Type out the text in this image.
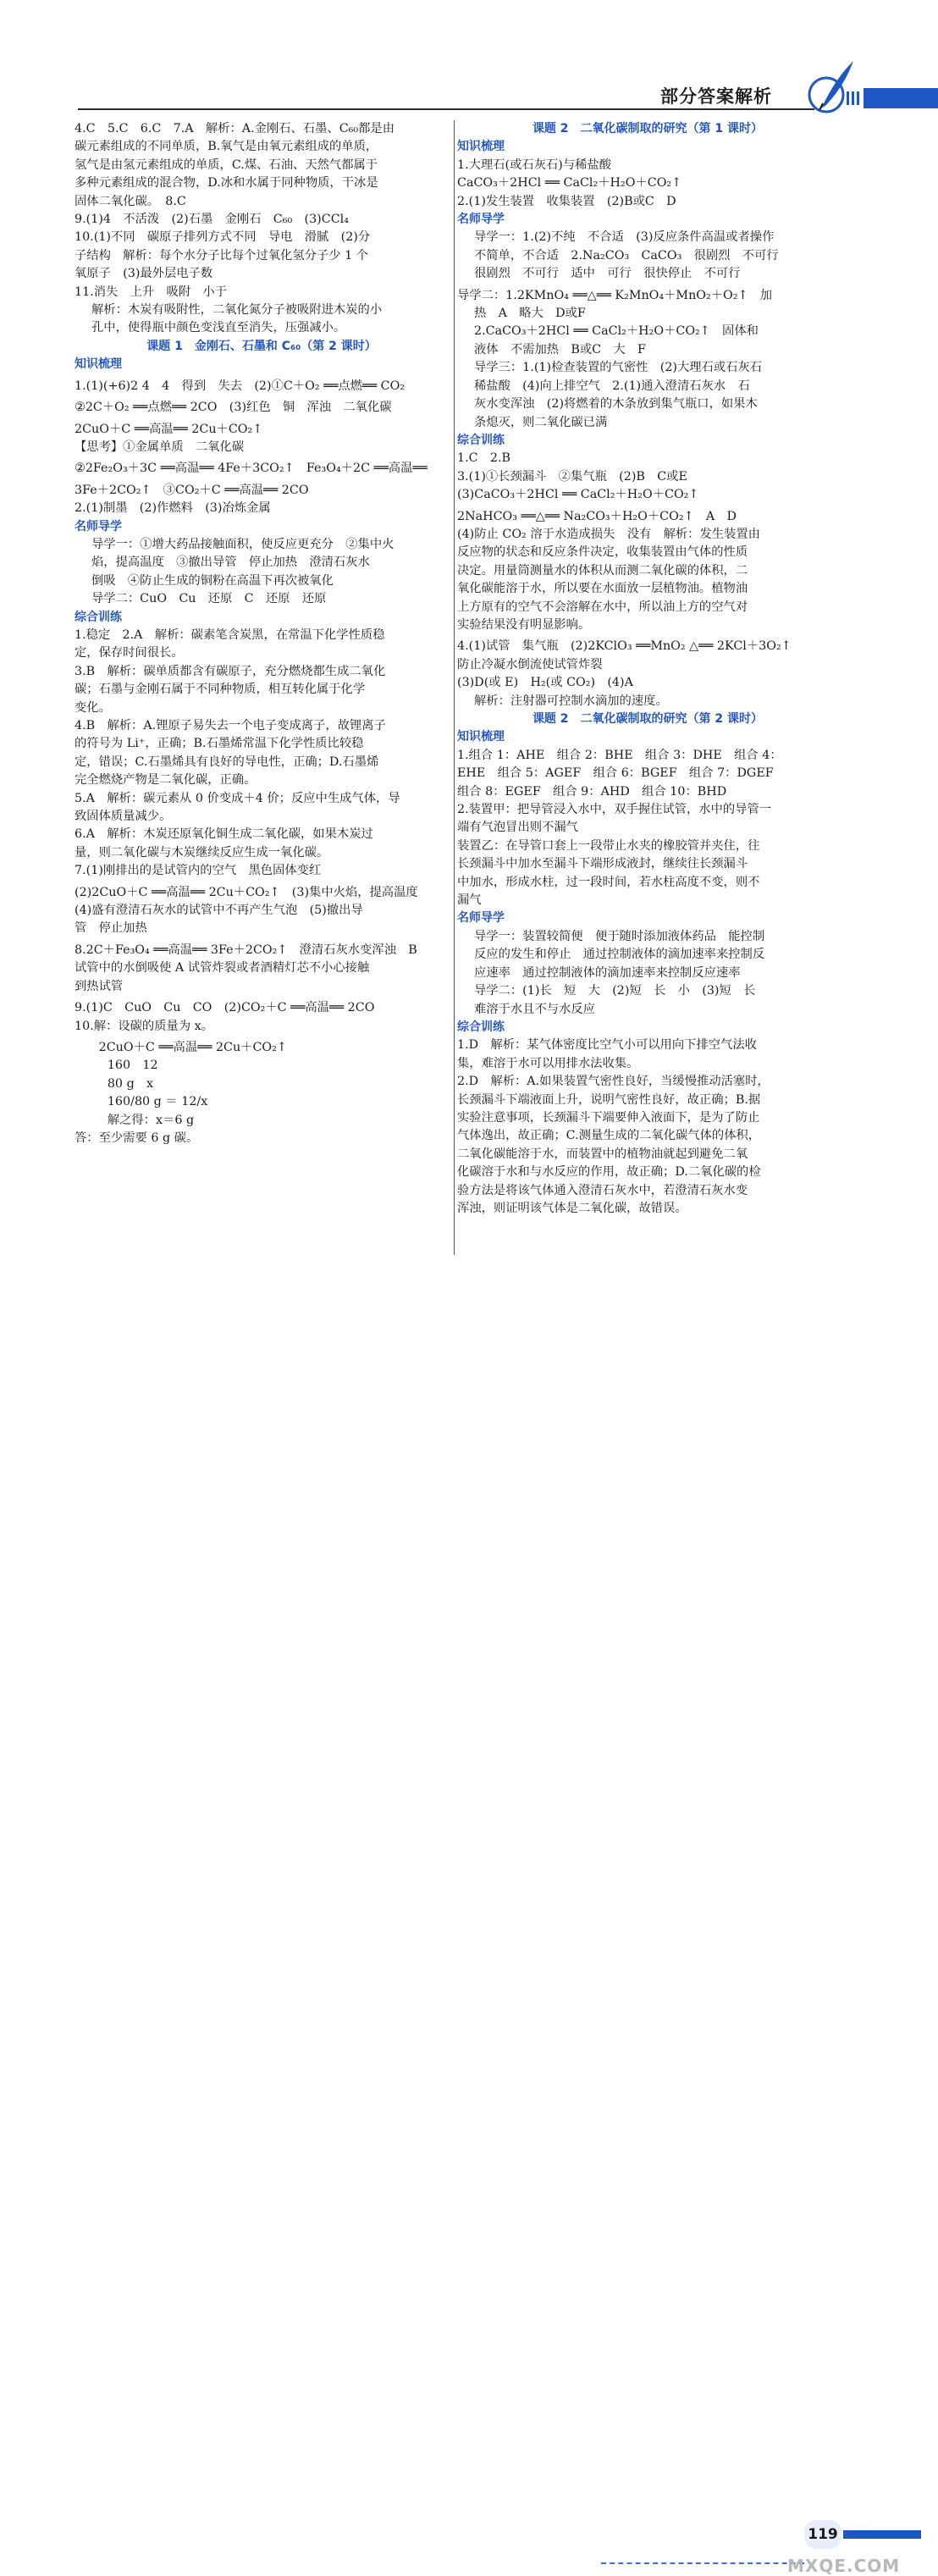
部分答案解析
4.C　5.C　6.C　7.A　解析：A.金刚石、石墨、C₆₀都是由
碳元素组成的不同单质，B.氧气是由氧元素组成的单质，
氢气是由氢元素组成的单质，C.煤、石油、天然气都属于
多种元素组成的混合物，D.冰和水属于同种物质，干冰是
固体二氧化碳。　8.C
9.(1)4　不活泼　(2)石墨　金刚石　C₆₀　(3)CCl₄
10.(1)不同　碳原子排列方式不同　导电　滑腻　(2)分
子结构　解析：每个水分子比每个过氧化氢分子少 1 个
氧原子　(3)最外层电子数
11.消失　上升　吸附　小于
解析：木炭有吸附性，二氧化氮分子被吸附进木炭的小
孔中，使得瓶中颜色变浅直至消失，压强减小。
课题 1　金刚石、石墨和 C₆₀（第 2 课时）
知识梳理
1.(1)(+6)2 4　4　得到　失去　(2)①C＋O₂ ══点燃══ CO₂
②2C＋O₂ ══点燃══ 2CO　(3)红色　铜　浑浊　二氧化碳
2CuO＋C ══高温══ 2Cu＋CO₂↑
【思考】①金属单质　二氧化碳
②2Fe₂O₃＋3C ══高温══ 4Fe＋3CO₂↑　Fe₃O₄＋2C ══高温══
3Fe＋2CO₂↑　③CO₂＋C ══高温══ 2CO
2.(1)制墨　(2)作燃料　(3)冶炼金属
名师导学
导学一：①增大药品接触面积，使反应更充分　②集中火
焰，提高温度　③撤出导管　停止加热　澄清石灰水
倒吸　④防止生成的铜粉在高温下再次被氧化
导学二：CuO　Cu　还原　C　还原　还原
综合训练
1.稳定　2.A　解析：碳素笔含炭黑，在常温下化学性质稳
定，保存时间很长。
3.B　解析：碳单质都含有碳原子，充分燃烧都生成二氧化
碳；石墨与金刚石属于不同种物质，相互转化属于化学
变化。
4.B　解析：A.锂原子易失去一个电子变成离子，故锂离子
的符号为 Li⁺，正确；B.石墨烯常温下化学性质比较稳
定，错误；C.石墨烯具有良好的导电性，正确；D.石墨烯
完全燃烧产物是二氧化碳，正确。
5.A　解析：碳元素从 0 价变成＋4 价；反应中生成气体，导
致固体质量减少。
6.A　解析：木炭还原氧化铜生成二氧化碳，如果木炭过
量，则二氧化碳与木炭继续反应生成一氧化碳。
7.(1)刚排出的是试管内的空气　黑色固体变红
(2)2CuO＋C ══高温══ 2Cu＋CO₂↑　(3)集中火焰，提高温度
(4)盛有澄清石灰水的试管中不再产生气泡　(5)撤出导
管　停止加热
8.2C＋Fe₃O₄ ══高温══ 3Fe＋2CO₂↑　澄清石灰水变浑浊　B
试管中的水倒吸使 A 试管炸裂或者酒精灯芯不小心接触
到热试管
9.(1)C　CuO　Cu　CO　(2)CO₂＋C ══高温══ 2CO
10.解：设碳的质量为 x。
　　2CuO＋C ══高温══ 2Cu＋CO₂↑
　 160　12
　 80 g　x
　 160/80 g ＝ 12/x
　 解之得：x＝6 g
答：至少需要 6 g 碳。
课题 2　二氧化碳制取的研究（第 1 课时）
知识梳理
1.大理石(或石灰石)与稀盐酸
CaCO₃＋2HCl ══ CaCl₂＋H₂O＋CO₂↑
2.(1)发生装置　收集装置　(2)B或C　D
名师导学
导学一：1.(2)不纯　不合适　(3)反应条件高温或者操作
不简单，不合适　2.Na₂CO₃　CaCO₃　很剧烈　不可行
很剧烈　不可行　适中　可行　很快停止　不可行
导学二：1.2KMnO₄ ══△══ K₂MnO₄＋MnO₂＋O₂↑　加
热　A　略大　D或F
2.CaCO₃＋2HCl ══ CaCl₂＋H₂O＋CO₂↑　固体和
液体　不需加热　B或C　大　F
导学三：1.(1)检查装置的气密性　(2)大理石或石灰石
稀盐酸　(4)向上排空气　2.(1)通入澄清石灰水　石
灰水变浑浊　(2)将燃着的木条放到集气瓶口，如果木
条熄灭，则二氧化碳已满
综合训练
1.C　2.B
3.(1)①长颈漏斗　②集气瓶　(2)B　C或E
(3)CaCO₃＋2HCl ══ CaCl₂＋H₂O＋CO₂↑
2NaHCO₃ ══△══ Na₂CO₃＋H₂O＋CO₂↑　A　D
(4)防止 CO₂ 溶于水造成损失　没有　解析：发生装置由
反应物的状态和反应条件决定，收集装置由气体的性质
决定。用量筒测量水的体积从而测二氧化碳的体积，二
氧化碳能溶于水，所以要在水面放一层植物油。植物油
上方原有的空气不会溶解在水中，所以油上方的空气对
实验结果没有明显影响。
4.(1)试管　集气瓶　(2)2KClO₃ ══MnO₂ △══ 2KCl＋3O₂↑
防止冷凝水倒流使试管炸裂
(3)D(或 E)　H₂(或 CO₂)　(4)A
解析：注射器可控制水滴加的速度。
课题 2　二氧化碳制取的研究（第 2 课时）
知识梳理
1.组合 1：AHE　组合 2：BHE　组合 3：DHE　组合 4：
EHE　组合 5：AGEF　组合 6：BGEF　组合 7：DGEF
组合 8：EGEF　组合 9：AHD　组合 10：BHD
2.装置甲：把导管浸入水中，双手握住试管，水中的导管一
端有气泡冒出则不漏气
装置乙：在导管口套上一段带止水夹的橡胶管并夹住，往
长颈漏斗中加水至漏斗下端形成液封，继续往长颈漏斗
中加水，形成水柱，过一段时间，若水柱高度不变，则不
漏气
名师导学
导学一：装置较简便　便于随时添加液体药品　能控制
反应的发生和停止　通过控制液体的滴加速率来控制反
应速率　通过控制液体的滴加速率来控制反应速率
导学二：(1)长　短　大　(2)短　长　小　(3)短　长
难溶于水且不与水反应
综合训练
1.D　解析：某气体密度比空气小可以用向下排空气法收
集，难溶于水可以用排水法收集。
2.D　解析：A.如果装置气密性良好，当缓慢推动活塞时，
长颈漏斗下端液面上升，说明气密性良好，故正确；B.据
实验注意事项，长颈漏斗下端要伸入液面下，是为了防止
气体逸出，故正确；C.测量生成的二氧化碳气体的体积，
二氧化碳能溶于水，而装置中的植物油就起到避免二氧
化碳溶于水和与水反应的作用，故正确；D.二氧化碳的检
验方法是将该气体通入澄清石灰水中，若澄清石灰水变
浑浊，则证明该气体是二氧化碳，故错误。
119
MXQE.COM
